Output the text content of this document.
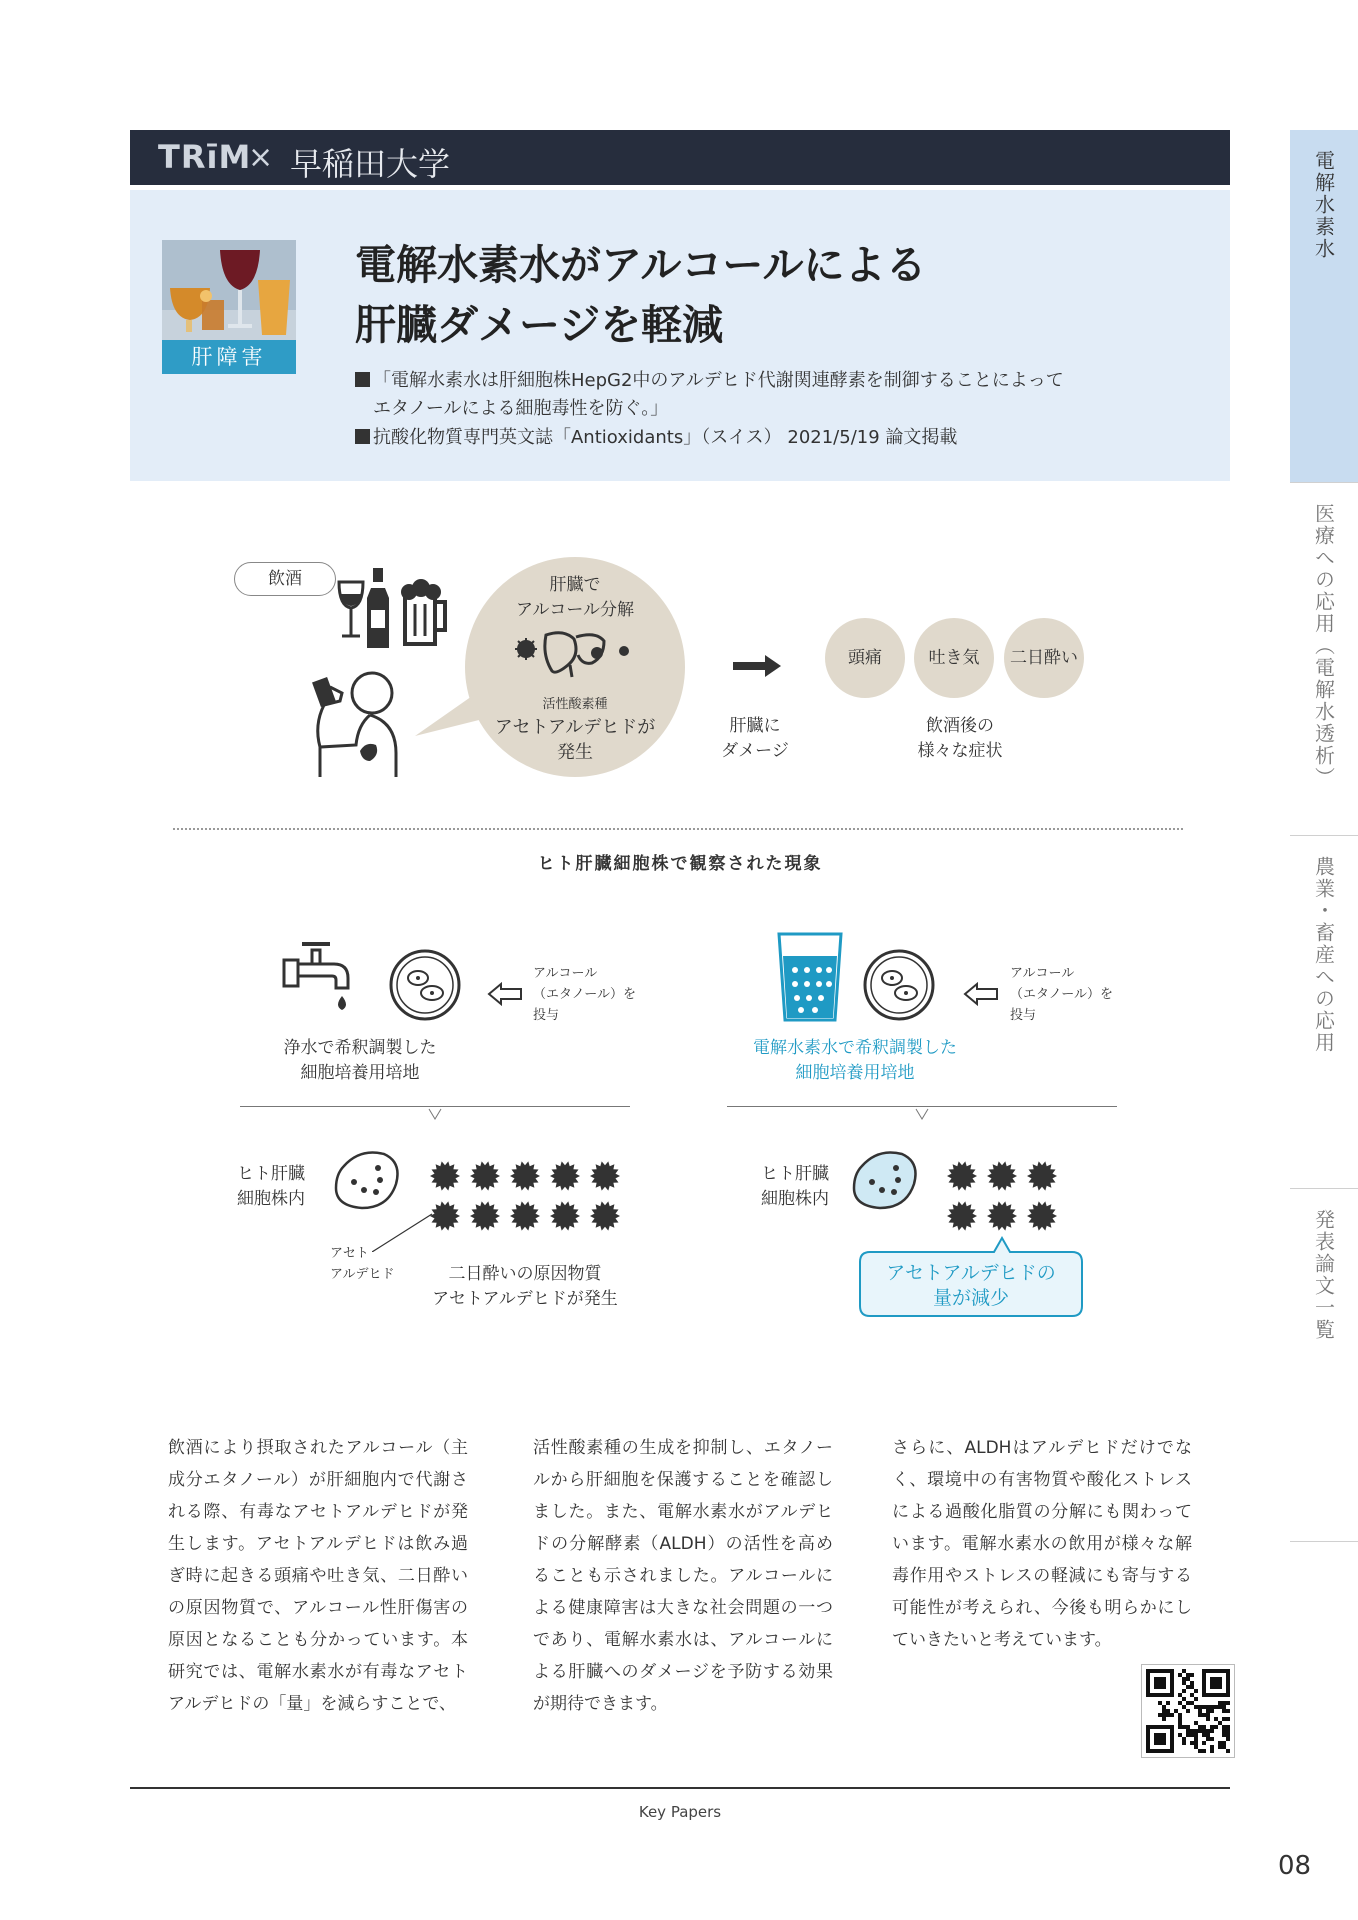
TRīM
× 早稲田大学
肝障害
電解水素水がアルコールによる
肝臓ダメージを軽減
「電解水素水は肝細胞株HepG2中のアルデヒド代謝関連酵素を制御することによって
エタノールによる細胞毒性を防ぐ。」
抗酸化物質専門英文誌「Antioxidants」（スイス） 2021/5/19 論文掲載
電解水素水
医療への応用（電解水透析）
農業・畜産への応用
発表論文一覧
飲酒	肝臓で
アルコール分解
活性酸素種
アセトアルデヒドが
発生
肝臓に
ダメージ
頭痛	吐き気	二日酔い
飲酒後の
様々な症状
ヒト肝臓細胞株で観察された現象
アルコール
（エタノール）を
投与
浄水で希釈調製した
細胞培養用培地
ヒト肝臓
細胞株内
アセト
アルデヒド	二日酔いの原因物質
アセトアルデヒドが発生
アルコール
（エタノール）を
投与
電解水素水で希釈調製した
細胞培養用培地
ヒト肝臓
細胞株内
アセトアルデヒドの
量が減少
飲酒により摂取されたアルコール（主成分エタノール）が肝細胞内で代謝される際、有毒なアセトアルデヒドが発生します。アセトアルデヒドは飲み過ぎ時に起きる頭痛や吐き気、二日酔いの原因物質で、アルコール性肝傷害の原因となることも分かっています。本研究では、電解水素水が有毒なアセトアルデヒドの「量」を減らすことで、
活性酸素種の生成を抑制し、エタノールから肝細胞を保護することを確認しました。また、電解水素水がアルデヒドの分解酵素（ALDH）の活性を高めることも示されました。アルコールによる健康障害は大きな社会問題の一つであり、電解水素水は、アルコールによる肝臓へのダメージを予防する効果が期待できます。
さらに、ALDHはアルデヒドだけでなく、環境中の有害物質や酸化ストレスによる過酸化脂質の分解にも関わっています。電解水素水の飲用が様々な解毒作用やストレスの軽減にも寄与する可能性が考えられ、今後も明らかにしていきたいと考えています。
Key Papers
08
